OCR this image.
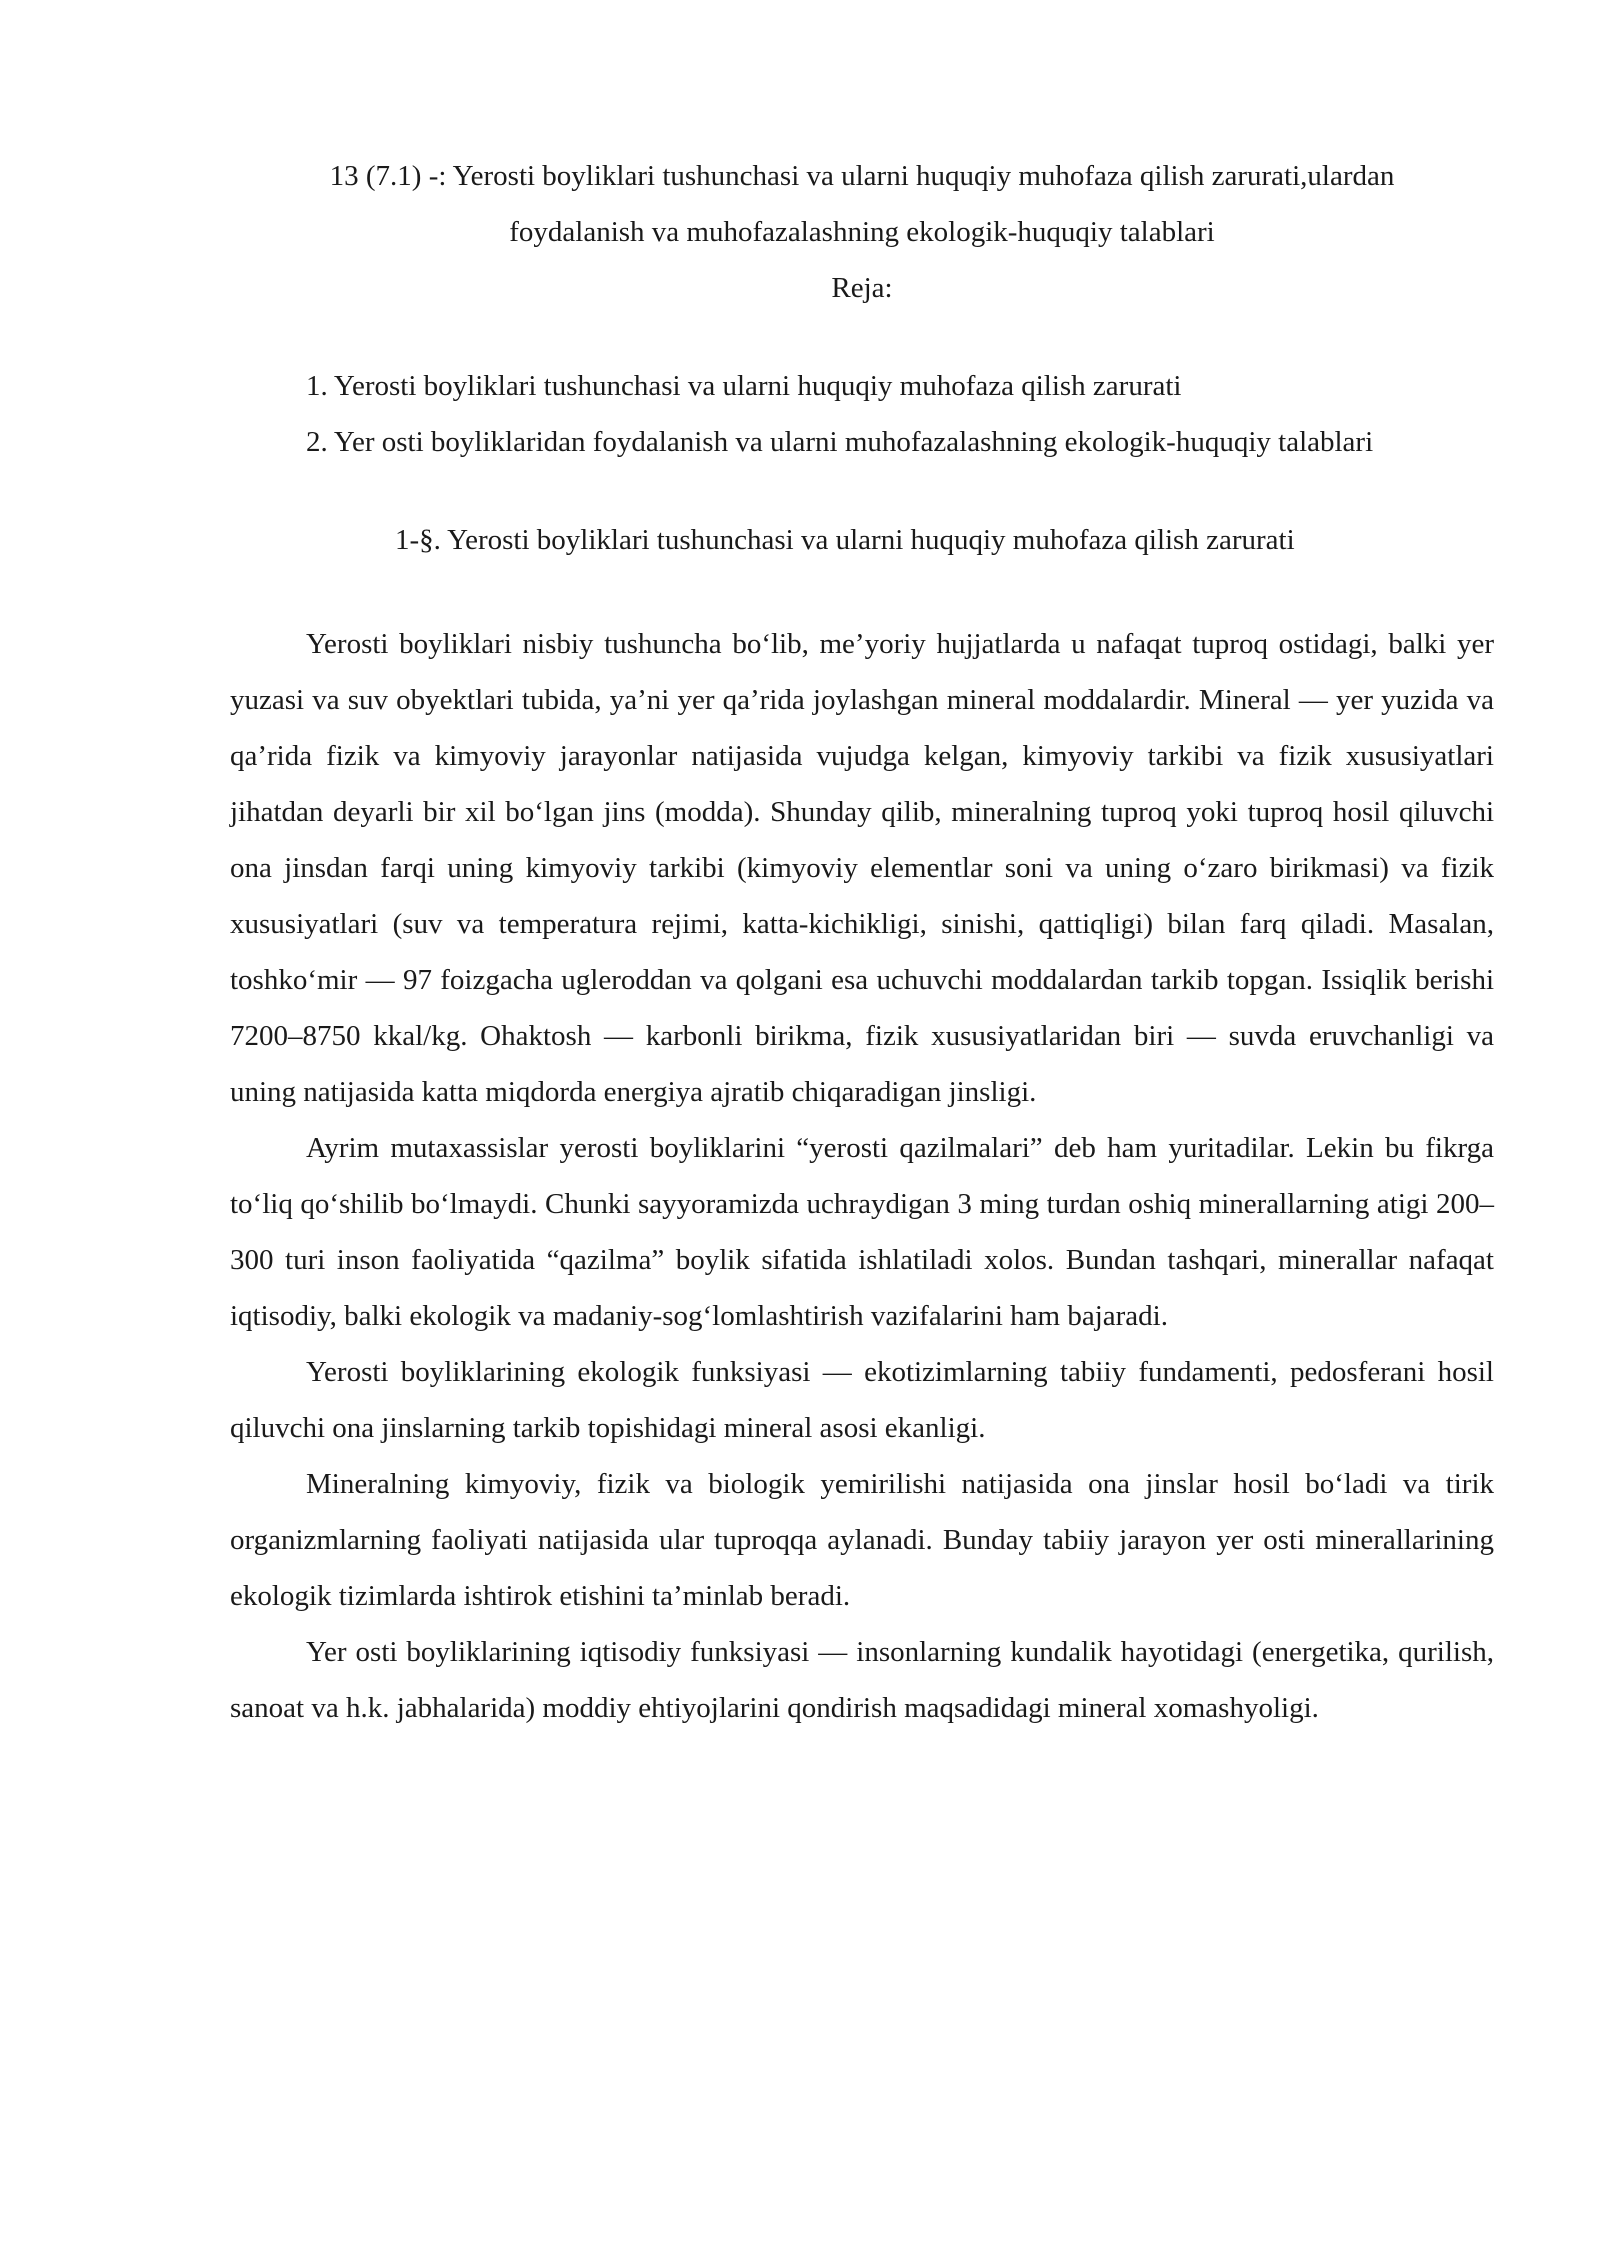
13 (7.1) -: Yerosti boyliklari tushunchasi va ularni huquqiy muhofaza qilish zarurati,ulardan

foydalanish va muhofazalashning ekologik-huquqiy talablari

Reja:

1. Yerosti boyliklari tushunchasi va ularni huquqiy muhofaza qilish zarurati

2. Yer osti boyliklaridan foydalanish va ularni muhofazalashning ekologik-huquqiy talablari

1-§. Yerosti boyliklari tushunchasi va ularni huquqiy muhofaza qilish zarurati

Yerosti boyliklari nisbiy tushuncha bo‘lib, me’yoriy hujjatlarda u nafaqat tuproq ostidagi, balki yer yuzasi va suv obyektlari tubida, ya’ni yer qa’rida joylashgan mineral moddalardir. Mineral — yer yuzida va qa’rida fizik va kimyoviy jarayonlar natijasida vujudga kelgan, kimyoviy tarkibi va fizik xususiyatlari jihatdan deyarli bir xil bo‘lgan jins (modda). Shunday qilib, mineralning tuproq yoki tuproq hosil qiluvchi ona jinsdan farqi uning kimyoviy tarkibi (kimyoviy elementlar soni va uning o‘zaro birikmasi) va fizik xususiyatlari (suv va temperatura rejimi, katta-kichikligi, sinishi, qattiqligi) bilan farq qiladi. Masalan, toshko‘mir — 97 foizgacha ugleroddan va qolgani esa uchuvchi moddalardan tarkib topgan. Issiqlik berishi 7200–8750 kkal/kg. Ohaktosh — karbonli birikma, fizik xususiyatlaridan biri — suvda eruvchanligi va uning natijasida katta miqdorda energiya ajratib chiqaradigan jinsligi.

Ayrim mutaxassislar yerosti boyliklarini “yerosti qazilmalari” deb ham yuritadilar. Lekin bu fikrga to‘liq qo‘shilib bo‘lmaydi. Chunki sayyoramizda uchraydigan 3 ming turdan oshiq minerallarning atigi 200–300 turi inson faoliyatida “qazilma” boylik sifatida ishlatiladi xolos. Bundan tashqari, minerallar nafaqat iqtisodiy, balki ekologik va madaniy-sog‘lomlashtirish vazifalarini ham bajaradi.

Yerosti boyliklarining ekologik funksiyasi — ekotizimlarning tabiiy fundamenti, pedosferani hosil qiluvchi ona jinslarning tarkib topishidagi mineral asosi ekanligi.

Mineralning kimyoviy, fizik va biologik yemirilishi natijasida ona jinslar hosil bo‘ladi va tirik organizmlarning faoliyati natijasida ular tuproqqa aylanadi. Bunday tabiiy jarayon yer osti minerallarining ekologik tizimlarda ishtirok etishini ta’minlab beradi.

Yer osti boyliklarining iqtisodiy funksiyasi — insonlarning kundalik hayotidagi (energetika, qurilish, sanoat va h.k. jabhalarida) moddiy ehtiyojlarini qondirish maqsadidagi mineral xomashyoligi.
